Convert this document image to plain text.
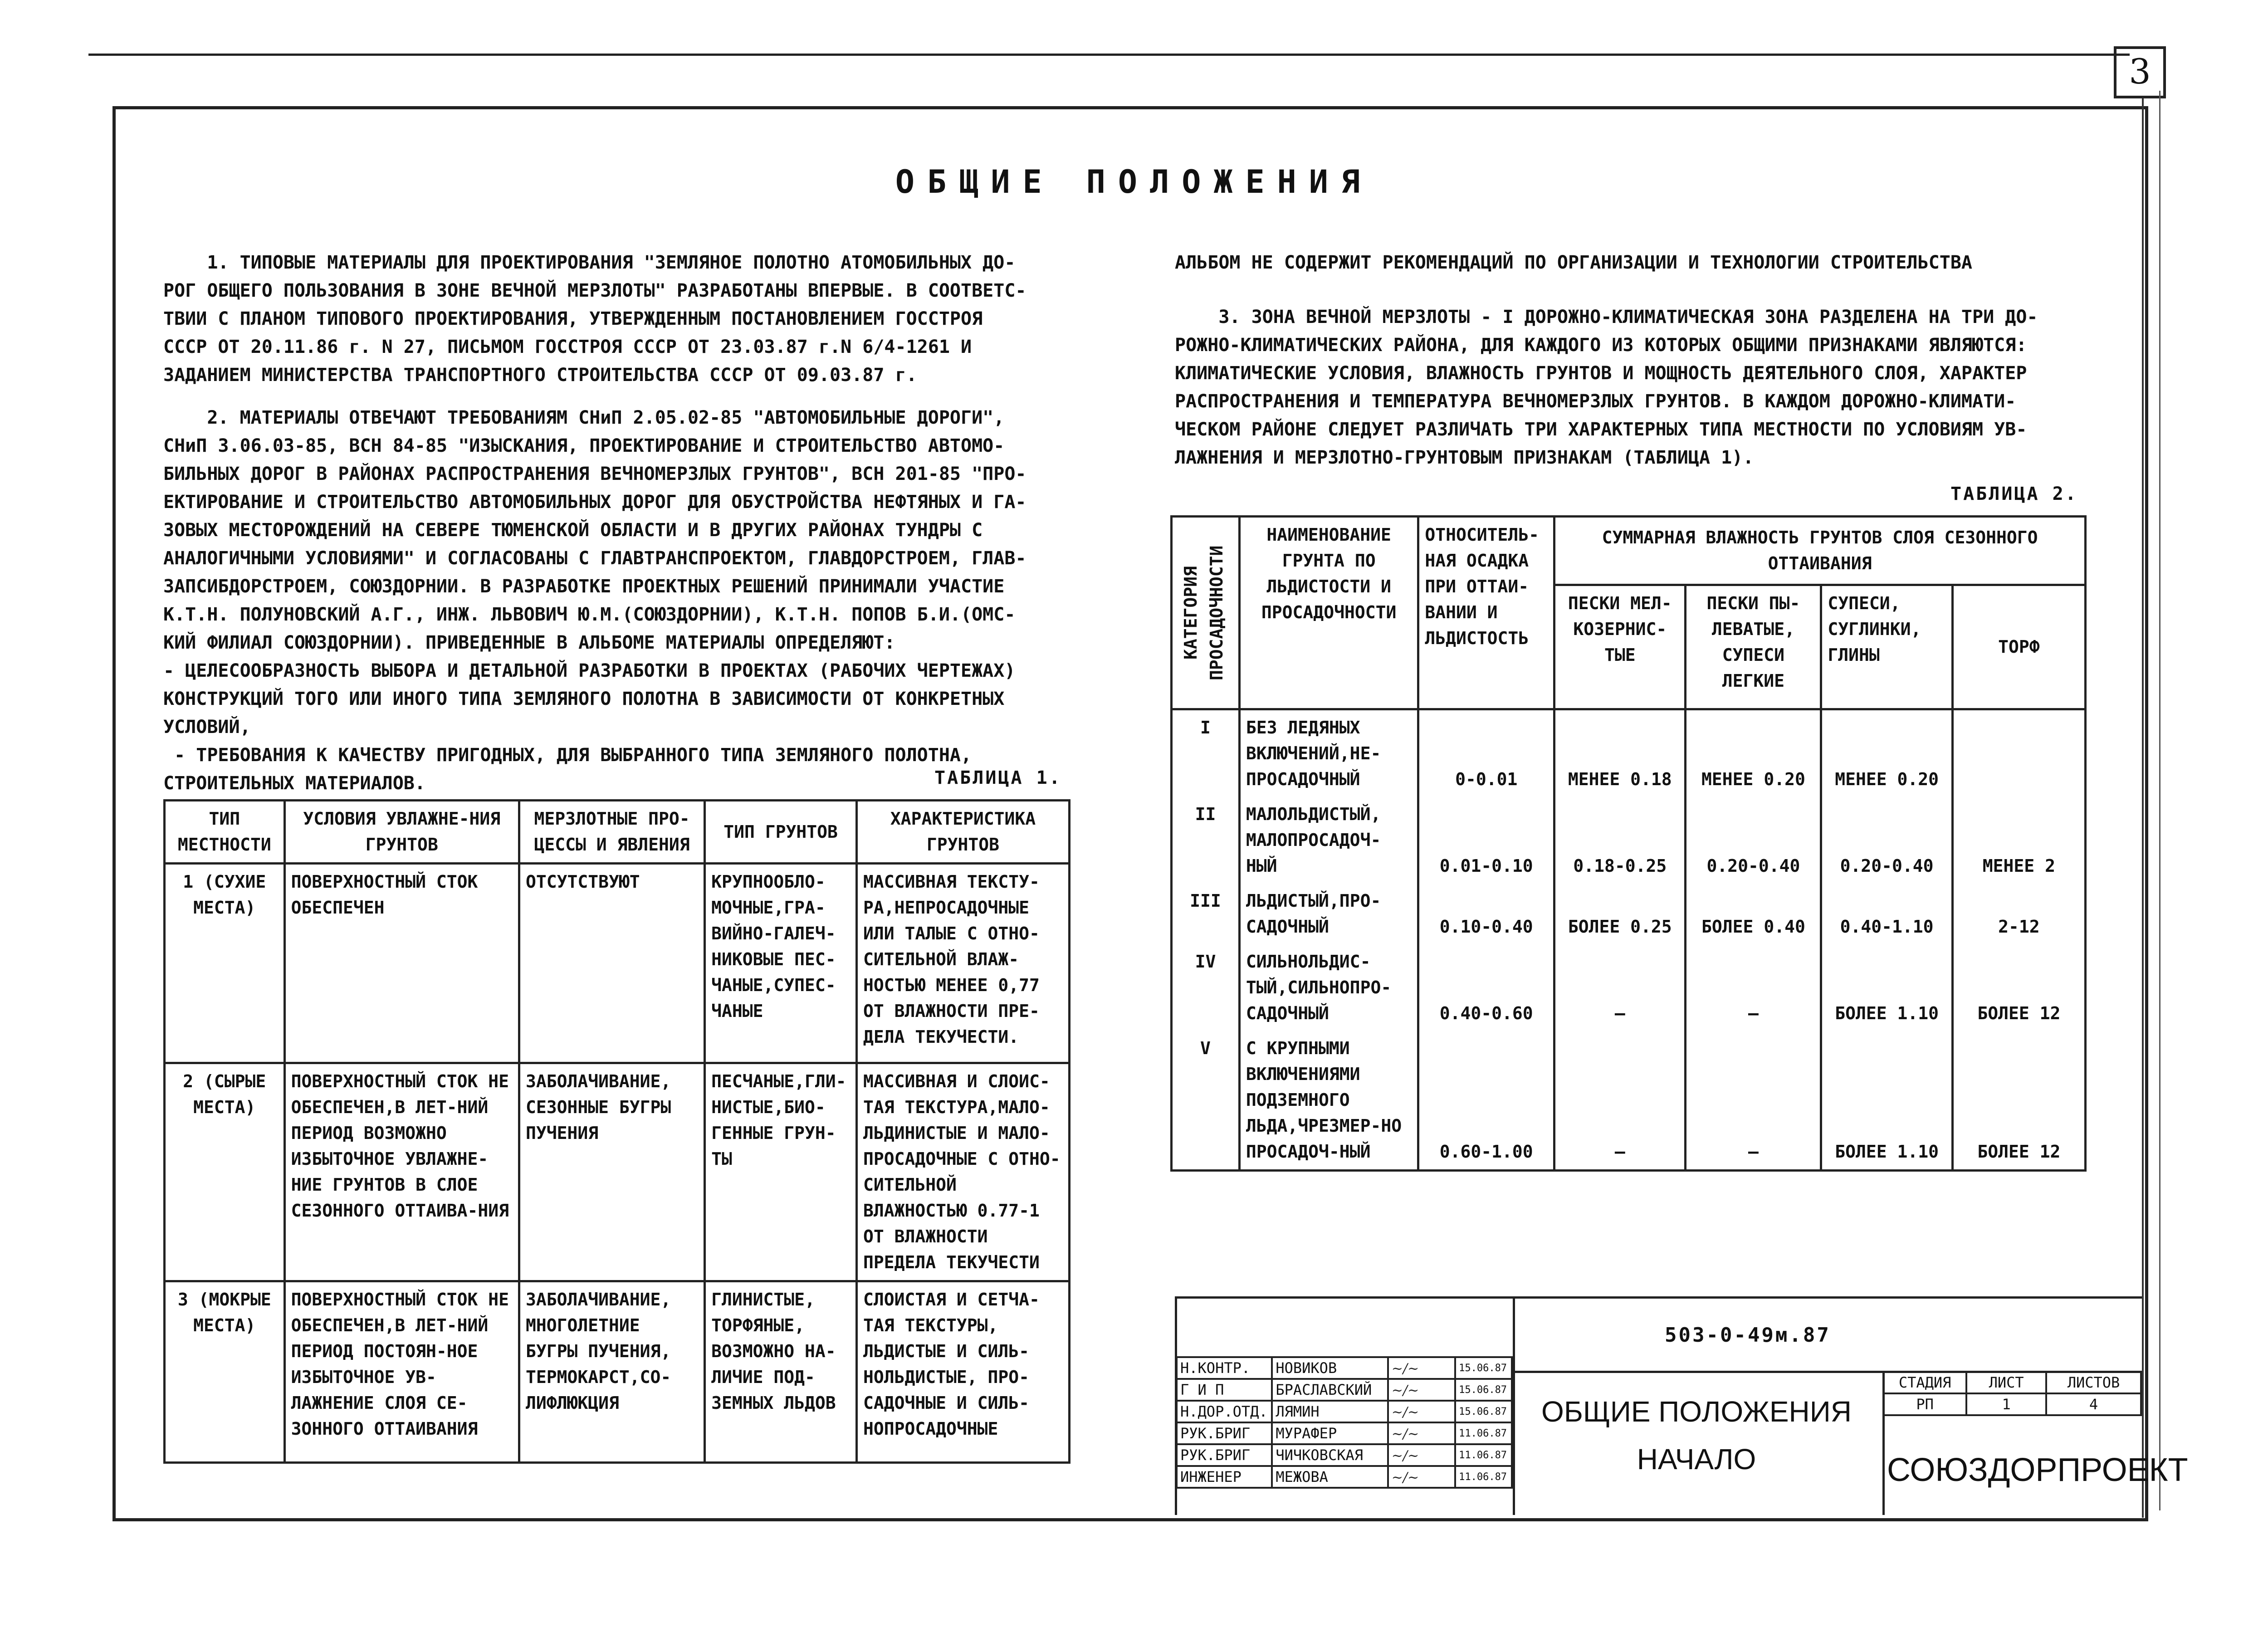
3
ОБЩИЕ ПОЛОЖЕНИЯ
1. ТИПОВЫЕ МАТЕРИАЛЫ ДЛЯ ПРОЕКТИРОВАНИЯ "ЗЕМЛЯНОЕ ПОЛОТНО АТОМОБИЛЬНЫХ ДО-
РОГ ОБЩЕГО ПОЛЬЗОВАНИЯ В ЗОНЕ ВЕЧНОЙ МЕРЗЛОТЫ" РАЗРАБОТАНЫ ВПЕРВЫЕ. В СООТВЕТС-
ТВИИ С ПЛАНОМ ТИПОВОГО ПРОЕКТИРОВАНИЯ, УТВЕРЖДЕННЫМ ПОСТАНОВЛЕНИЕМ ГОССТРОЯ
СССР ОТ 20.11.86 г. N 27, ПИСЬМОМ ГОССТРОЯ СССР ОТ 23.03.87 г.N 6/4-1261 И
ЗАДАНИЕМ МИНИСТЕРСТВА ТРАНСПОРТНОГО СТРОИТЕЛЬСТВА СССР ОТ 09.03.87 г.
2. МАТЕРИАЛЫ ОТВЕЧАЮТ ТРЕБОВАНИЯМ СНиП 2.05.02-85 "АВТОМОБИЛЬНЫЕ ДОРОГИ",
СНиП 3.06.03-85, ВСН 84-85 "ИЗЫСКАНИЯ, ПРОЕКТИРОВАНИЕ И СТРОИТЕЛЬСТВО АВТОМО-
БИЛЬНЫХ ДОРОГ В РАЙОНАХ РАСПРОСТРАНЕНИЯ ВЕЧНОМЕРЗЛЫХ ГРУНТОВ", ВСН 201-85 "ПРО-
ЕКТИРОВАНИЕ И СТРОИТЕЛЬСТВО АВТОМОБИЛЬНЫХ ДОРОГ ДЛЯ ОБУСТРОЙСТВА НЕФТЯНЫХ И ГА-
ЗОВЫХ МЕСТОРОЖДЕНИЙ НА СЕВЕРЕ ТЮМЕНСКОЙ ОБЛАСТИ И В ДРУГИХ РАЙОНАХ ТУНДРЫ С
АНАЛОГИЧНЫМИ УСЛОВИЯМИ" И СОГЛАСОВАНЫ С ГЛАВТРАНСПРОЕКТОМ, ГЛАВДОРСТРОЕМ, ГЛАВ-
ЗАПСИБДОРСТРОЕМ, СОЮЗДОРНИИ. В РАЗРАБОТКЕ ПРОЕКТНЫХ РЕШЕНИЙ ПРИНИМАЛИ УЧАСТИЕ
К.Т.Н. ПОЛУНОВСКИЙ А.Г., ИНЖ. ЛЬВОВИЧ Ю.М.(СОЮЗДОРНИИ), К.Т.Н. ПОПОВ Б.И.(ОМС-
КИЙ ФИЛИАЛ СОЮЗДОРНИИ). ПРИВЕДЕННЫЕ В АЛЬБОМЕ МАТЕРИАЛЫ ОПРЕДЕЛЯЮТ:
- ЦЕЛЕСООБРАЗНОСТЬ ВЫБОРА И ДЕТАЛЬНОЙ РАЗРАБОТКИ В ПРОЕКТАХ (РАБОЧИХ ЧЕРТЕЖАХ)
КОНСТРУКЦИЙ ТОГО ИЛИ ИНОГО ТИПА ЗЕМЛЯНОГО ПОЛОТНА В ЗАВИСИМОСТИ ОТ КОНКРЕТНЫХ
УСЛОВИЙ,
- ТРЕБОВАНИЯ К КАЧЕСТВУ ПРИГОДНЫХ, ДЛЯ ВЫБРАННОГО ТИПА ЗЕМЛЯНОГО ПОЛОТНА,
СТРОИТЕЛЬНЫХ МАТЕРИАЛОВ.	ТАБЛИЦА 1.
ТИП МЕСТНОСТИ	УСЛОВИЯ УВЛАЖНЕ-НИЯ ГРУНТОВ	МЕРЗЛОТНЫЕ ПРО-ЦЕССЫ И ЯВЛЕНИЯ	ТИП ГРУНТОВ	ХАРАКТЕРИСТИКА ГРУНТОВ
1 (СУХИЕ МЕСТА)	ПОВЕРХНОСТНЫЙ СТОК ОБЕСПЕЧЕН	ОТСУТСТВУЮТ	КРУПНООБЛО-МОЧНЫЕ,ГРА-ВИЙНО-ГАЛЕЧ-НИКОВЫЕ ПЕС-ЧАНЫЕ,СУПЕС-ЧАНЫЕ	МАССИВНАЯ ТЕКСТУ-РА,НЕПРОСАДОЧНЫЕ ИЛИ ТАЛЫЕ С ОТНО-СИТЕЛЬНОЙ ВЛАЖ-НОСТЬЮ МЕНЕЕ 0,77 ОТ ВЛАЖНОСТИ ПРЕ-ДЕЛА ТЕКУЧЕСТИ.
2 (СЫРЫЕ МЕСТА)	ПОВЕРХНОСТНЫЙ СТОК НЕ ОБЕСПЕЧЕН,В ЛЕТ-НИЙ ПЕРИОД ВОЗМОЖНО ИЗБЫТОЧНОЕ УВЛАЖНЕ-НИЕ ГРУНТОВ В СЛОЕ СЕЗОННОГО ОТТАИВА-НИЯ	ЗАБОЛАЧИВАНИЕ, СЕЗОННЫЕ БУГРЫ ПУЧЕНИЯ	ПЕСЧАНЫЕ,ГЛИ-НИСТЫЕ,БИО-ГЕННЫЕ ГРУН-ТЫ	МАССИВНАЯ И СЛОИС-ТАЯ ТЕКСТУРА,МАЛО-ЛЬДИНИСТЫЕ И МАЛО-ПРОСАДОЧНЫЕ С ОТНО-СИТЕЛЬНОЙ ВЛАЖНОСТЬЮ 0.77-1 ОТ ВЛАЖНОСТИ ПРЕДЕЛА ТЕКУЧЕСТИ
3 (МОКРЫЕ МЕСТА)	ПОВЕРХНОСТНЫЙ СТОК НЕ ОБЕСПЕЧЕН,В ЛЕТ-НИЙ ПЕРИОД ПОСТОЯН-НОЕ ИЗБЫТОЧНОЕ УВ-ЛАЖНЕНИЕ СЛОЯ СЕ-ЗОННОГО ОТТАИВАНИЯ	ЗАБОЛАЧИВАНИЕ, МНОГОЛЕТНИЕ БУГРЫ ПУЧЕНИЯ, ТЕРМОКАРСТ,СО-ЛИФЛЮКЦИЯ	ГЛИНИСТЫЕ, ТОРФЯНЫЕ, ВОЗМОЖНО НА-ЛИЧИЕ ПОД-ЗЕМНЫХ ЛЬДОВ	СЛОИСТАЯ И СЕТЧА-ТАЯ ТЕКСТУРЫ, ЛЬДИСТЫЕ И СИЛЬ-НОЛЬДИСТЫЕ, ПРО-САДОЧНЫЕ И СИЛЬ-НОПРОСАДОЧНЫЕ
АЛЬБОМ НЕ СОДЕРЖИТ РЕКОМЕНДАЦИЙ ПО ОРГАНИЗАЦИИ И ТЕХНОЛОГИИ СТРОИТЕЛЬСТВА
3. ЗОНА ВЕЧНОЙ МЕРЗЛОТЫ - I ДОРОЖНО-КЛИМАТИЧЕСКАЯ ЗОНА РАЗДЕЛЕНА НА ТРИ ДО-
РОЖНО-КЛИМАТИЧЕСКИХ РАЙОНА, ДЛЯ КАЖДОГО ИЗ КОТОРЫХ ОБЩИМИ ПРИЗНАКАМИ ЯВЛЯЮТСЯ:
КЛИМАТИЧЕСКИЕ УСЛОВИЯ, ВЛАЖНОСТЬ ГРУНТОВ И МОЩНОСТЬ ДЕЯТЕЛЬНОГО СЛОЯ, ХАРАКТЕР
РАСПРОСТРАНЕНИЯ И ТЕМПЕРАТУРА ВЕЧНОМЕРЗЛЫХ ГРУНТОВ. В КАЖДОМ ДОРОЖНО-КЛИМАТИ-
ЧЕСКОМ РАЙОНЕ СЛЕДУЕТ РАЗЛИЧАТЬ ТРИ ХАРАКТЕРНЫХ ТИПА МЕСТНОСТИ ПО УСЛОВИЯМ УВ-
ЛАЖНЕНИЯ И МЕРЗЛОТНО-ГРУНТОВЫМ ПРИЗНАКАМ (ТАБЛИЦА 1).
ТАБЛИЦА 2.
КАТЕГОРИЯ ПРОСАДОЧНОСТИ	НАИМЕНОВАНИЕ ГРУНТА ПО ЛЬДИСТОСТИ И ПРОСАДОЧНОСТИ	ОТНОСИТЕЛЬ-НАЯ ОСАДКА ПРИ ОТТАИ-ВАНИИ И ЛЬДИСТОСТЬ	СУММАРНАЯ ВЛАЖНОСТЬ ГРУНТОВ СЛОЯ СЕЗОННОГО ОТТАИВАНИЯ			
			ПЕСКИ МЕЛ-КОЗЕРНИС-ТЫЕ	ПЕСКИ ПЫ-ЛЕВАТЫЕ, СУПЕСИ ЛЕГКИЕ	СУПЕСИ, СУГЛИНКИ, ГЛИНЫ	ТОРФ
I	БЕЗ ЛЕДЯНЫХ ВКЛЮЧЕНИЙ,НЕ-ПРОСАДОЧНЫЙ	0-0.01	МЕНЕЕ 0.18	МЕНЕЕ 0.20	МЕНЕЕ 0.20	
II	МАЛОЛЬДИСТЫЙ, МАЛОПРОСАДОЧ-НЫЙ	0.01-0.10	0.18-0.25	0.20-0.40	0.20-0.40	МЕНЕЕ 2
III	ЛЬДИСТЫЙ,ПРО-САДОЧНЫЙ	0.10-0.40	БОЛЕЕ 0.25	БОЛЕЕ 0.40	0.40-1.10	2-12
IV	СИЛЬНОЛЬДИС-ТЫЙ,СИЛЬНОПРО-САДОЧНЫЙ	0.40-0.60	—	—	БОЛЕЕ 1.10	БОЛЕЕ 12
V	С КРУПНЫМИ ВКЛЮЧЕНИЯМИ ПОДЗЕМНОГО ЛЬДА,ЧРЕЗМЕР-НО ПРОСАДОЧ-НЫЙ	0.60-1.00	—	—	БОЛЕЕ 1.10	БОЛЕЕ 12
503-0-49м.87
ОБЩИЕ ПОЛОЖЕНИЯ
НАЧАЛО
СТАДИЯ	ЛИСТ	ЛИСТОВ
РП	1	4
СОЮЗДОРПРОЕКТ
Н.КОНТР.	НОВИКОВ	~/~	15.06.87
Г И П	БРАСЛАВСКИЙ	~/~	15.06.87
Н.ДОР.ОТД.	ЛЯМИН	~/~	15.06.87
РУК.БРИГ	МУРАФЕР	~/~	11.06.87
РУК.БРИГ	ЧИЧКОВСКАЯ	~/~	11.06.87
ИНЖЕНЕР	МЕЖОВА	~/~	11.06.87
